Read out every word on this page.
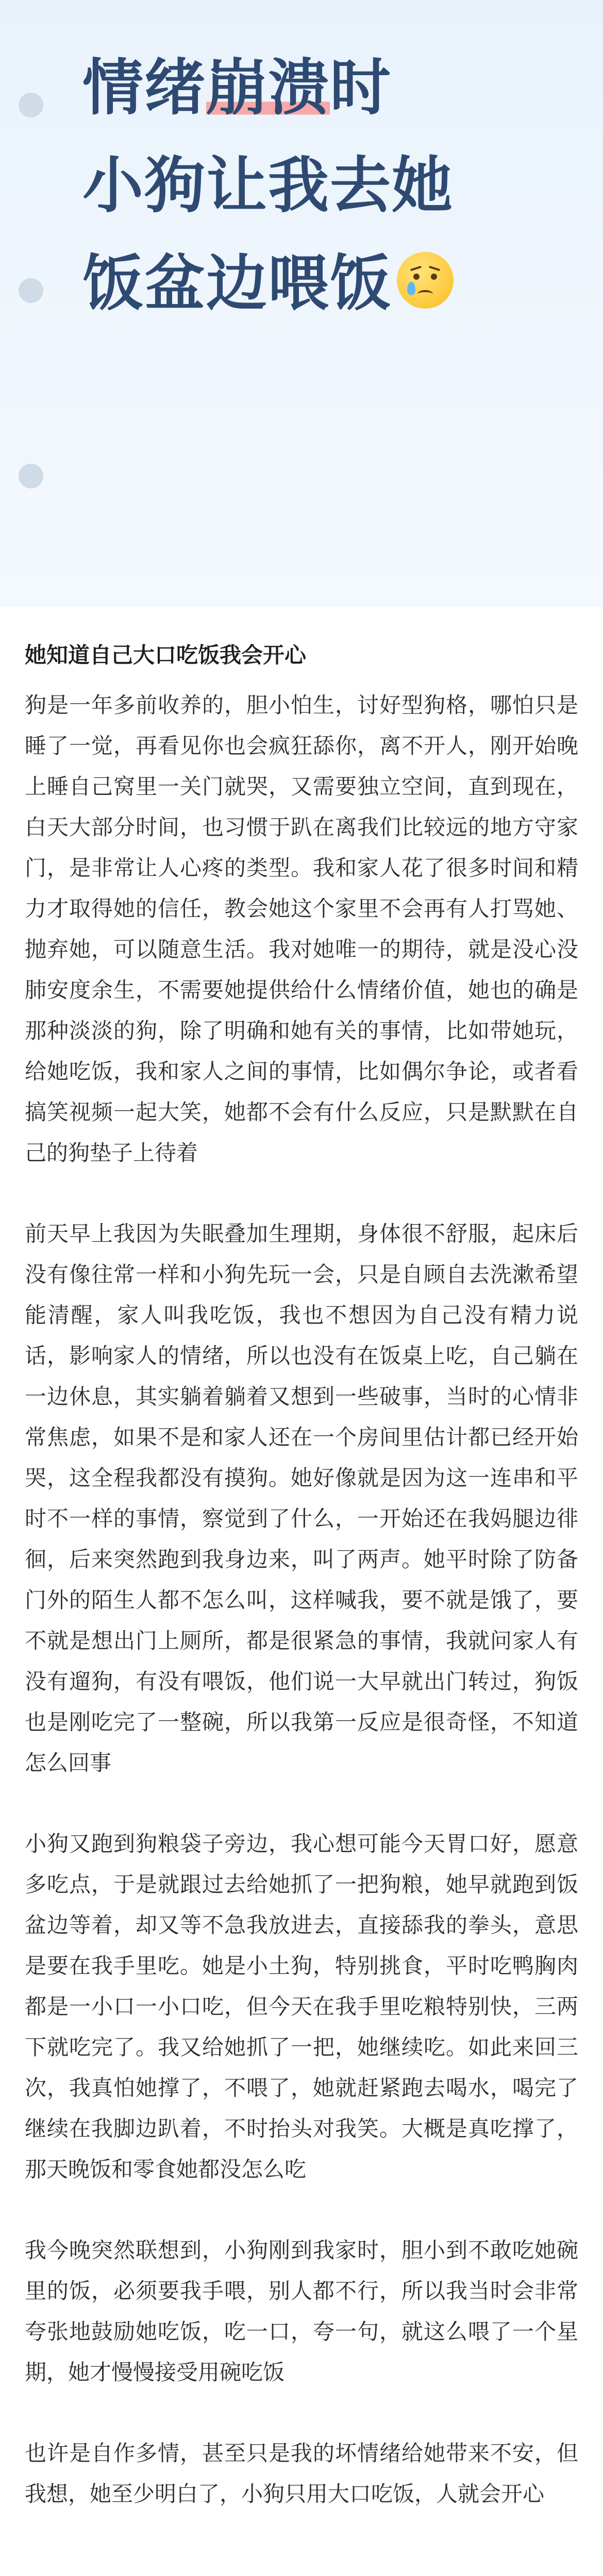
情绪崩溃时
小狗让我去她
饭盆边喂饭
她知道自己大口吃饭我会开心

狗是一年多前收养的，胆小怕生，讨好型狗格，哪怕只是睡了一觉，再看见你也会疯狂舔你，离不开人，刚开始晚上睡自己窝里一关门就哭，又需要独立空间，直到现在，白天大部分时间，也习惯于趴在离我们比较远的地方守家门，是非常让人心疼的类型。我和家人花了很多时间和精力才取得她的信任，教会她这个家里不会再有人打骂她、抛弃她，可以随意生活。我对她唯一的期待，就是没心没肺安度余生，不需要她提供给什么情绪价值，她也的确是那种淡淡的狗，除了明确和她有关的事情，比如带她玩，给她吃饭，我和家人之间的事情，比如偶尔争论，或者看搞笑视频一起大笑，她都不会有什么反应，只是默默在自己的狗垫子上待着

前天早上我因为失眠叠加生理期，身体很不舒服，起床后没有像往常一样和小狗先玩一会，只是自顾自去洗漱希望能清醒，家人叫我吃饭，我也不想因为自己没有精力说话，影响家人的情绪，所以也没有在饭桌上吃，自己躺在一边休息，其实躺着躺着又想到一些破事，当时的心情非常焦虑，如果不是和家人还在一个房间里估计都已经开始哭，这全程我都没有摸狗。她好像就是因为这一连串和平时不一样的事情，察觉到了什么，一开始还在我妈腿边徘徊，后来突然跑到我身边来，叫了两声。她平时除了防备门外的陌生人都不怎么叫，这样喊我，要不就是饿了，要不就是想出门上厕所，都是很紧急的事情，我就问家人有没有遛狗，有没有喂饭，他们说一大早就出门转过，狗饭也是刚吃完了一整碗，所以我第一反应是很奇怪，不知道怎么回事

小狗又跑到狗粮袋子旁边，我心想可能今天胃口好，愿意多吃点，于是就跟过去给她抓了一把狗粮，她早就跑到饭盆边等着，却又等不急我放进去，直接舔我的拳头，意思是要在我手里吃。她是小土狗，特别挑食，平时吃鸭胸肉都是一小口一小口吃，但今天在我手里吃粮特别快，三两下就吃完了。我又给她抓了一把，她继续吃。如此来回三次，我真怕她撑了，不喂了，她就赶紧跑去喝水，喝完了继续在我脚边趴着，不时抬头对我笑。大概是真吃撑了，那天晚饭和零食她都没怎么吃

我今晚突然联想到，小狗刚到我家时，胆小到不敢吃她碗里的饭，必须要我手喂，别人都不行，所以我当时会非常夸张地鼓励她吃饭，吃一口，夸一句，就这么喂了一个星期，她才慢慢接受用碗吃饭

也许是自作多情，甚至只是我的坏情绪给她带来不安，但我想，她至少明白了，小狗只用大口吃饭，人就会开心
